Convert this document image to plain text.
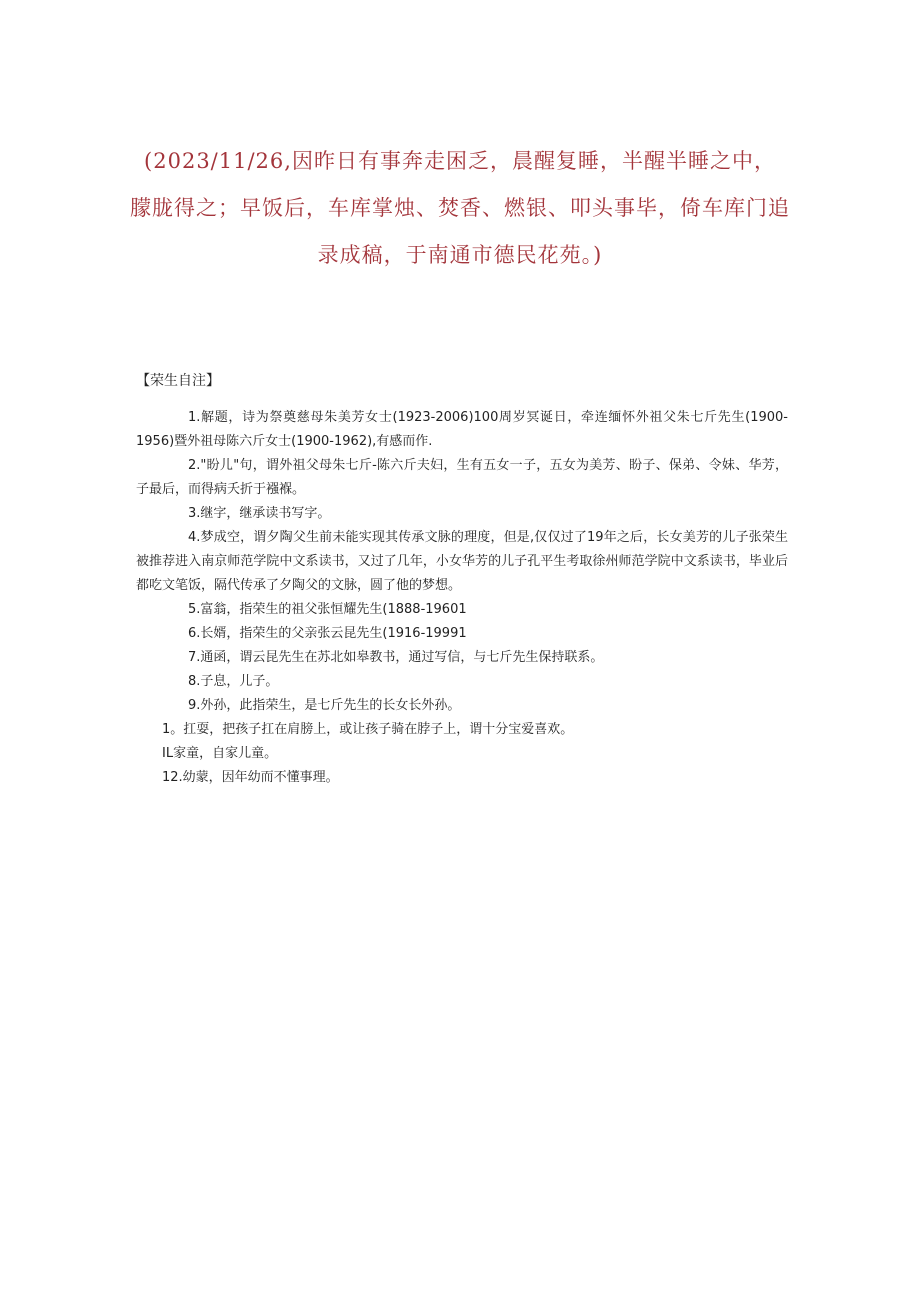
(2023/11/26,因昨日有事奔走困乏，晨醒复睡，半醒半睡之中，
朦胧得之；早饭后，车库掌烛、焚香、燃银、叩头事毕，倚车库门追
录成稿，于南通市德民花苑。)
【荣生自注】
1.解题，诗为祭奠慈母朱美芳女士(1923-2006)100周岁冥诞日，牵连缅怀外祖父朱七斤先生(1900-1956)暨外祖母陈六斤女士(1900-1962),有感而作.
2."盼儿"句，谓外祖父母朱七斤-陈六斤夫妇，生有五女一子，五女为美芳、盼子、保弟、令妹、华芳，子最后，而得病夭折于襁褓。
3.继字，继承读书写字。
4.梦成空，谓夕陶父生前未能实现其传承文脉的理度，但是,仅仅过了19年之后，长女美芳的儿子张荣生被推荐进入南京师范学院中文系读书，又过了几年，小女华芳的儿子孔平生考取徐州师范学院中文系读书，毕业后都吃文笔饭，隔代传承了夕陶父的文脉，圆了他的梦想。
5.富翁，指荣生的祖父张恒耀先生(1888-19601
6.长婿，指荣生的父亲张云昆先生(1916-19991
7.通函，谓云昆先生在苏北如皋教书，通过写信，与七斤先生保持联系。
8.子息，儿子。
9.外孙，此指荣生，是七斤先生的长女长外孙。
1。扛耍，把孩子扛在肩膀上，或让孩子骑在脖子上，谓十分宝爱喜欢。
IL家童，自家儿童。
12.幼蒙，因年幼而不懂事理。
